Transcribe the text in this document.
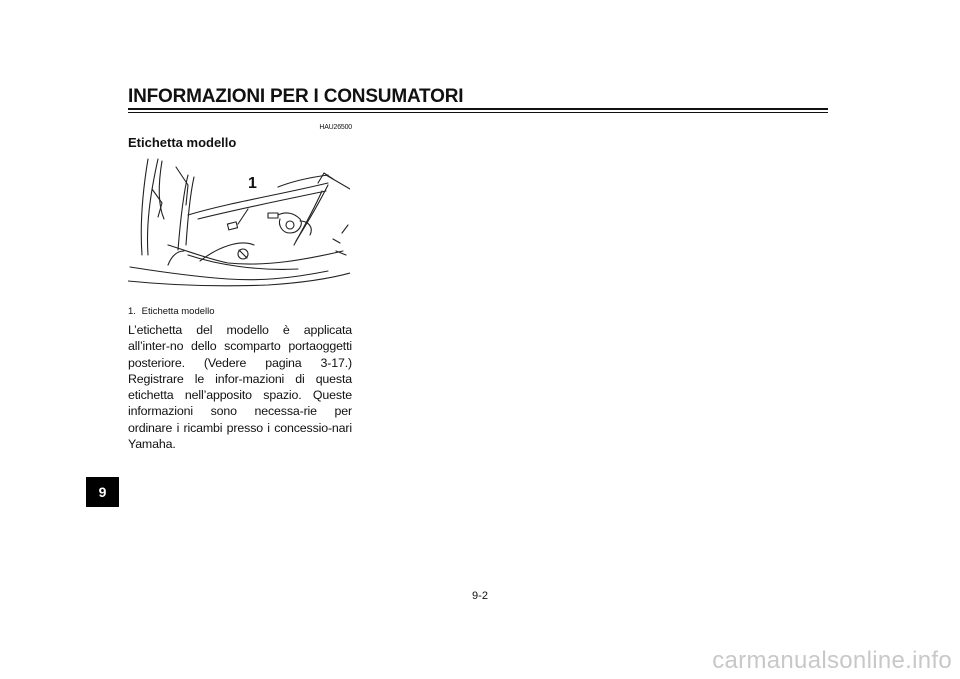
INFORMAZIONI PER I CONSUMATORI
HAU26500
Etichetta modello
1
1. Etichetta modello
L’etichetta del modello è applicata all’inter-no dello scomparto portaoggetti posteriore. (Vedere pagina 3-17.) Registrare le infor-mazioni di questa etichetta nell’apposito spazio. Queste informazioni sono necessa-rie per ordinare i ricambi presso i concessio-nari Yamaha.
9
9-2
carmanualsonline.info
